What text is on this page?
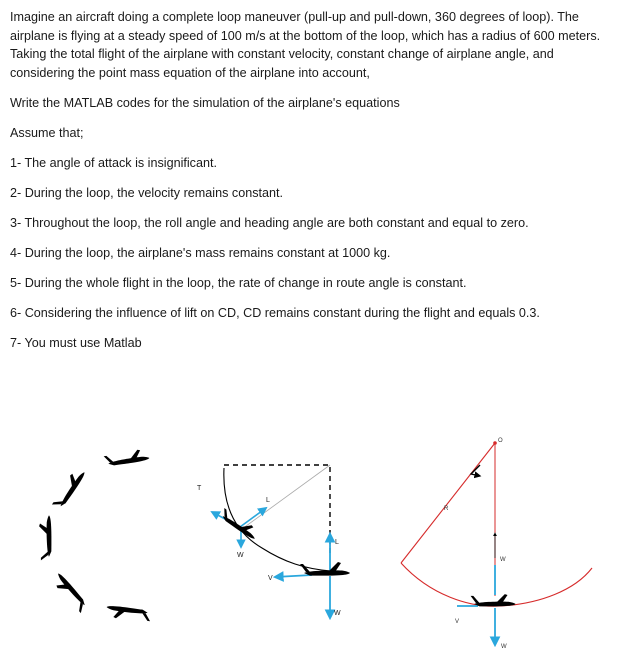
Imagine an aircraft doing a complete loop maneuver (pull-up and pull-down, 360 degrees of loop). The airplane is flying at a steady speed of 100 m/s at the bottom of the loop, which has a radius of 600 meters. Taking the total flight of the airplane with constant velocity, constant change of airplane angle, and considering the point mass equation of the airplane into account,

Write the MATLAB codes for the simulation of the airplane's equations

Assume that;

1- The angle of attack is insignificant.

2- During the loop, the velocity remains constant.

3- Throughout the loop, the roll angle and heading angle are both constant and equal to zero.

4- During the loop, the airplane's mass remains constant at 1000 kg.

5- During the whole flight in the loop, the rate of change in route angle is constant.

6- Considering the influence of lift on CD, CD remains constant during the flight and equals 0.3.

7- You must use Matlab

T
L
W
L
V
W
O
R
W
V
W
